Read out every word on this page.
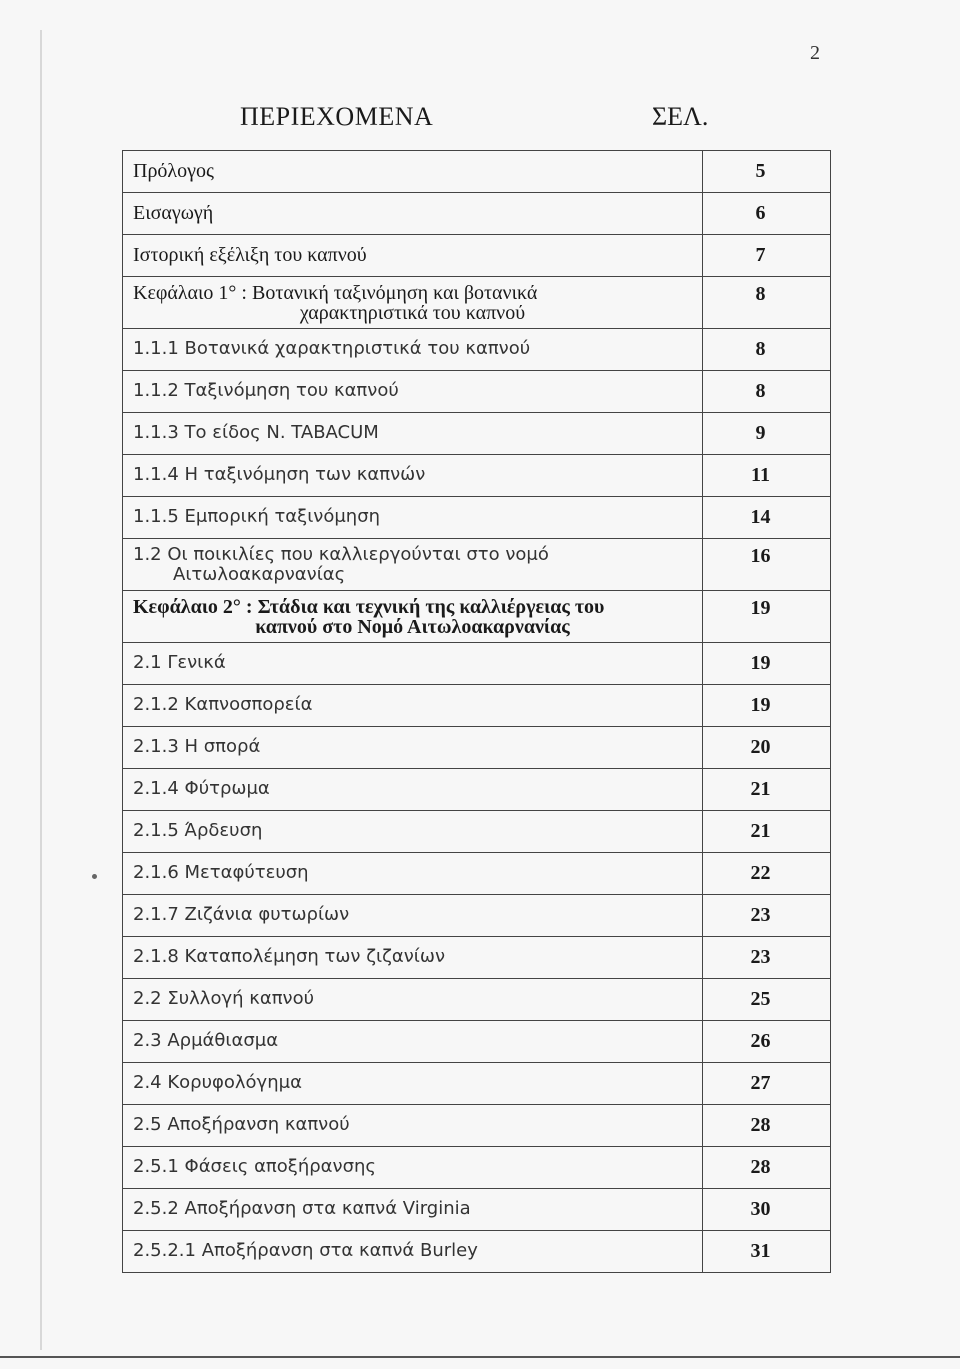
2
ΠΕΡΙΕΧΟΜΕΝΑ	ΣΕΛ.
Πρόλογος	5
Εισαγωγή	6
Ιστορική εξέλιξη του καπνού	7

Κεφάλαιο 1° : Βοτανική ταξινόμηση και βοτανικά
χαρακτηριστικά του καπνού	8
1.1.1 Βοτανικά χαρακτηριστικά του καπνού	8
1.1.2 Ταξινόμηση του καπνού	8
1.1.3 Το είδος N. TABACUM	9
1.1.4 Η ταξινόμηση των καπνών	11
1.1.5 Εμπορική ταξινόμηση	14

1.2 Οι ποικιλίες που καλλιεργούνται στο νομό
Αιτωλοακαρνανίας	16

Κεφάλαιο 2° : Στάδια και τεχνική της καλλιέργειας του
καπνού στο Νομό Αιτωλοακαρνανίας	19
2.1 Γενικά	19
2.1.2 Καπνοσπορεία	19
2.1.3 Η σπορά	20
2.1.4 Φύτρωμα	21
2.1.5 Άρδευση	21
2.1.6 Μεταφύτευση	22
2.1.7 Ζιζάνια φυτωρίων	23
2.1.8 Καταπολέμηση των ζιζανίων	23
2.2 Συλλογή καπνού	25
2.3 Αρμάθιασμα	26
2.4 Κορυφολόγημα	27
2.5 Αποξήρανση καπνού	28
2.5.1 Φάσεις αποξήρανσης	28
2.5.2 Αποξήρανση στα καπνά Virginia	30
2.5.2.1 Αποξήρανση στα καπνά Burley	31
